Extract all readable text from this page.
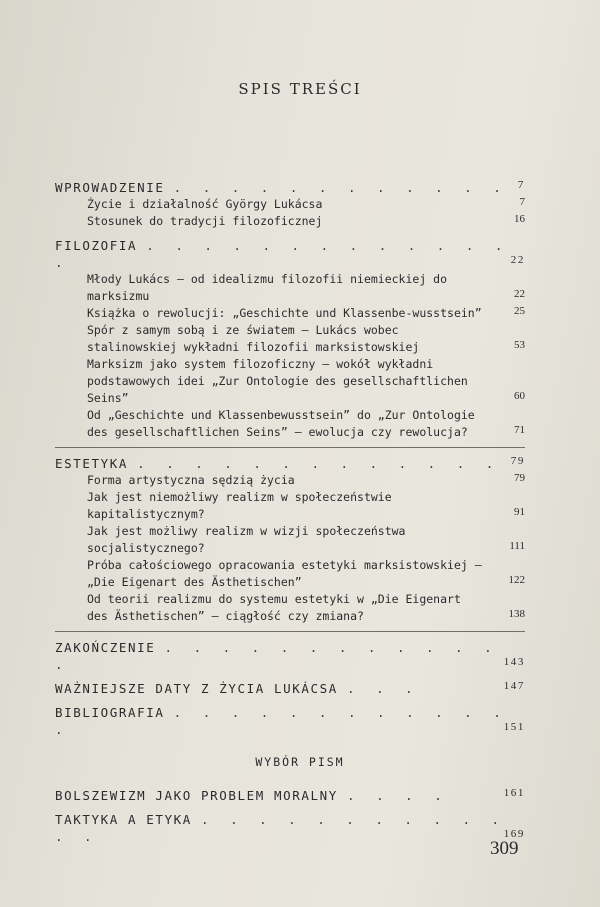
SPIS TREŚCI
WPROWADZENIE . . . . . . . . . . . . 7
Życie i działalność György Lukácsa	7
Stosunek do tradycji filozoficznej	16
FILOZOFIA . . . . . . . . . . . . . .	22
Młody Lukács — od idealizmu filozofii niemieckiej do marksizmu	22
Książka o rewolucji: „Geschichte und Klassenbe-wusstsein”	25
Spór z samym sobą i ze światem — Lukács wobec stalinowskiej wykładni filozofii marksistowskiej	53
Marksizm jako system filozoficzny — wokół wykładni podstawowych idei „Zur Ontologie des gesellschaftlichen Seins”	60
Od „Geschichte und Klassenbewusstsein” do „Zur Ontologie des gesellschaftlichen Seins” — ewolucja czy rewolucja?	71
ESTETYKA . . . . . . . . . . . . . 79
Forma artystyczna sędzią życia	79
Jak jest niemożliwy realizm w społeczeństwie kapitalistycznym?	91
Jak jest możliwy realizm w wizji społeczeństwa socjalistycznego?	111
Próba całościowego opracowania estetyki marksistowskiej — „Die Eigenart des Ästhetischen”	122
Od teorii realizmu do systemu estetyki w „Die Eigenart des Ästhetischen” — ciągłość czy zmiana?	138
ZAKOŃCZENIE . . . . . . . . . . . . .	143
WAŻNIEJSZE DATY Z ŻYCIA LUKÁCSA . . .	147
BIBLIOGRAFIA . . . . . . . . . . . . .	151
WYBÓR PISM
BOLSZEWIZM JAKO PROBLEM MORALNY . . . .	161
TAKTYKA A ETYKA . . . . . . . . . . . . .	169
309
